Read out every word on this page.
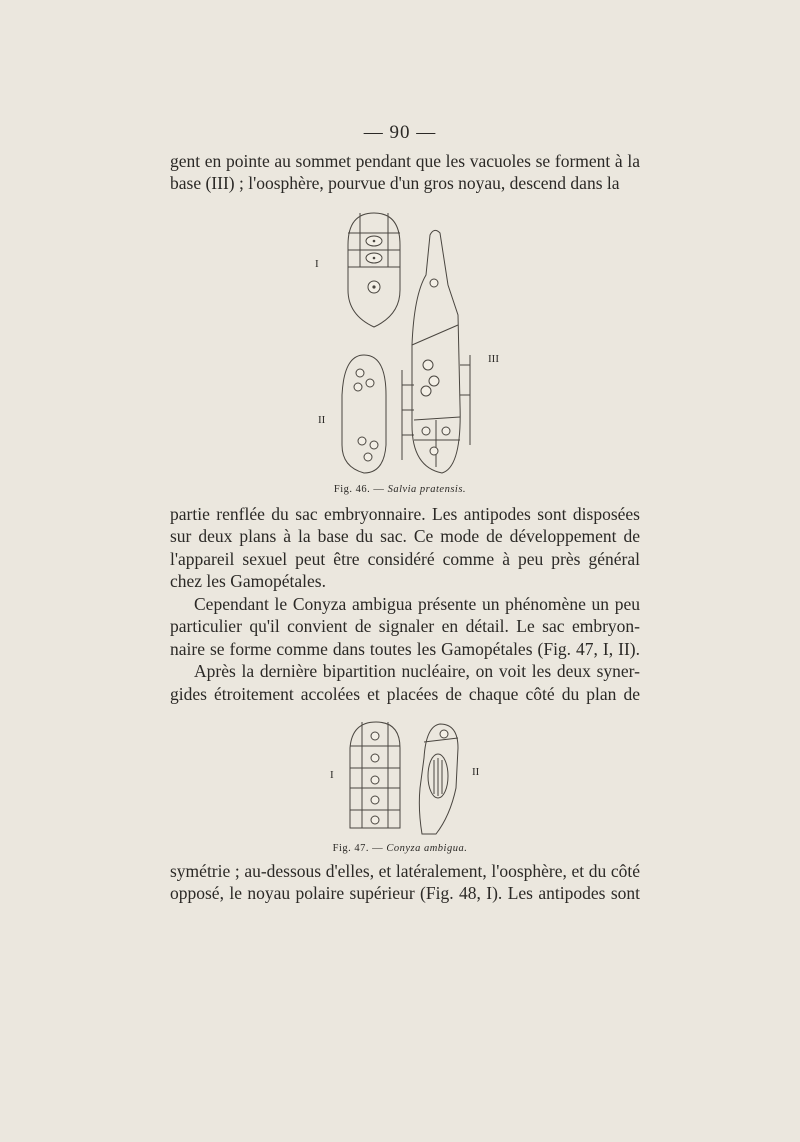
— 90 —

gent en pointe au sommet pendant que les vacuoles se forment à la
base (III) ; l'oosphère, pourvue d'un gros noyau, descend dans la

I
II
III
Fig. 46. — Salvia pratensis.

partie renflée du sac embryonnaire. Les antipodes sont disposées
sur deux plans à la base du sac. Ce mode de développement de
l'appareil sexuel peut être considéré comme à peu près général
chez les Gamopétales.

Cependant le Conyza ambigua présente un phénomène un peu
particulier qu'il convient de signaler en détail. Le sac embryon-
naire se forme comme dans toutes les Gamopétales (Fig. 47, I, II).
Après la dernière bipartition nucléaire, on voit les deux syner-
gides étroitement accolées et placées de chaque côté du plan de

I	II
Fig. 47. — Conyza ambigua.

symétrie ; au-dessous d'elles, et latéralement, l'oosphère, et du côté
opposé, le noyau polaire supérieur (Fig. 48, I). Les antipodes sont
